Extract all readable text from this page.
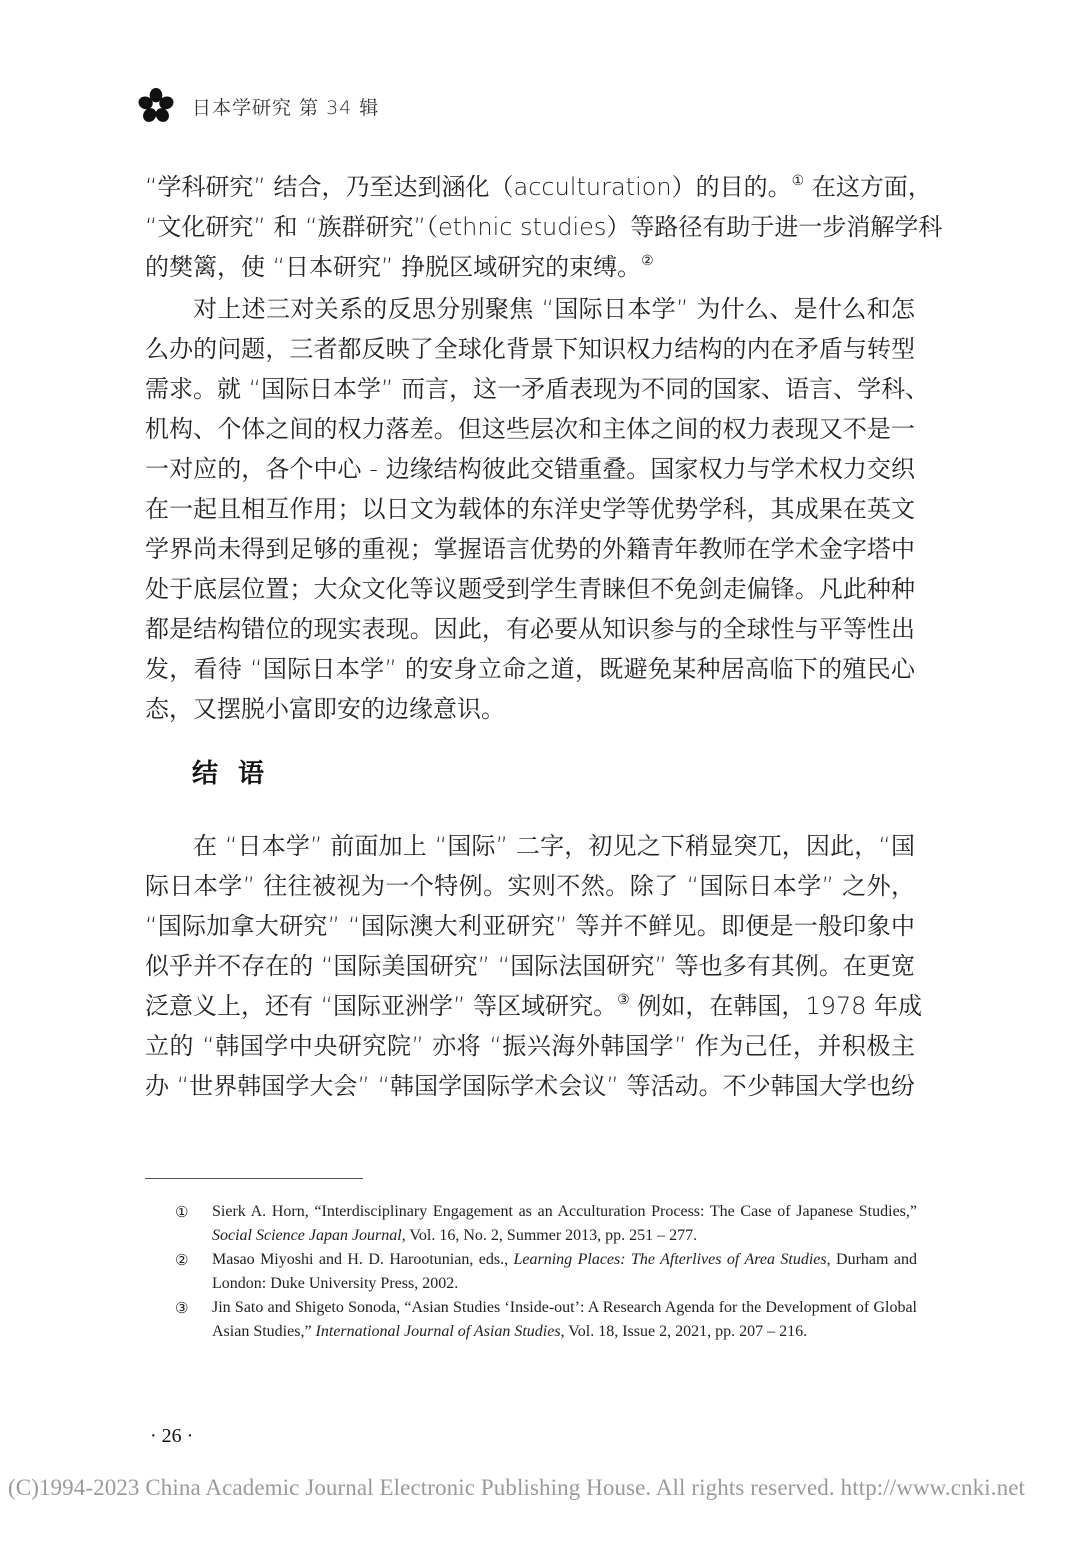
日本学研究 第 34 辑
“学科研究” 结合，乃至达到涵化（acculturation）的目的。① 在这方面，
“文化研究” 和 “族群研究”（ethnic studies）等路径有助于进一步消解学科
的樊篱，使 “日本研究” 挣脱区域研究的束缚。②
对上述三对关系的反思分别聚焦 “国际日本学” 为什么、是什么和怎
么办的问题，三者都反映了全球化背景下知识权力结构的内在矛盾与转型
需求。就 “国际日本学” 而言，这一矛盾表现为不同的国家、语言、学科、
机构、个体之间的权力落差。但这些层次和主体之间的权力表现又不是一
一对应的，各个中心 - 边缘结构彼此交错重叠。国家权力与学术权力交织
在一起且相互作用；以日文为载体的东洋史学等优势学科，其成果在英文
学界尚未得到足够的重视；掌握语言优势的外籍青年教师在学术金字塔中
处于底层位置；大众文化等议题受到学生青睐但不免剑走偏锋。凡此种种
都是结构错位的现实表现。因此，有必要从知识参与的全球性与平等性出
发，看待 “国际日本学” 的安身立命之道，既避免某种居高临下的殖民心
态，又摆脱小富即安的边缘意识。
结语
在 “日本学” 前面加上 “国际” 二字，初见之下稍显突兀，因此，“国
际日本学” 往往被视为一个特例。实则不然。除了 “国际日本学” 之外，
“国际加拿大研究” “国际澳大利亚研究” 等并不鲜见。即便是一般印象中
似乎并不存在的 “国际美国研究” “国际法国研究” 等也多有其例。在更宽
泛意义上，还有 “国际亚洲学” 等区域研究。③ 例如，在韩国，1978 年成
立的 “韩国学中央研究院” 亦将 “振兴海外韩国学” 作为己任，并积极主
办 “世界韩国学大会” “韩国学国际学术会议” 等活动。不少韩国大学也纷
①	Sierk A. Horn, “Interdisciplinary Engagement as an Acculturation Process: The Case of Japanese Studies,” Social Science Japan Journal, Vol. 16, No. 2, Summer 2013, pp. 251 – 277.
②	Masao Miyoshi and H. D. Harootunian, eds., Learning Places: The Afterlives of Area Studies, Durham and London: Duke University Press, 2002.
③	Jin Sato and Shigeto Sonoda, “Asian Studies ‘Inside-out’: A Research Agenda for the Development of Global Asian Studies,” International Journal of Asian Studies, Vol. 18, Issue 2, 2021, pp. 207 – 216.
· 26 ·
(C)1994-2023 China Academic Journal Electronic Publishing House. All rights reserved. http://www.cnki.net
